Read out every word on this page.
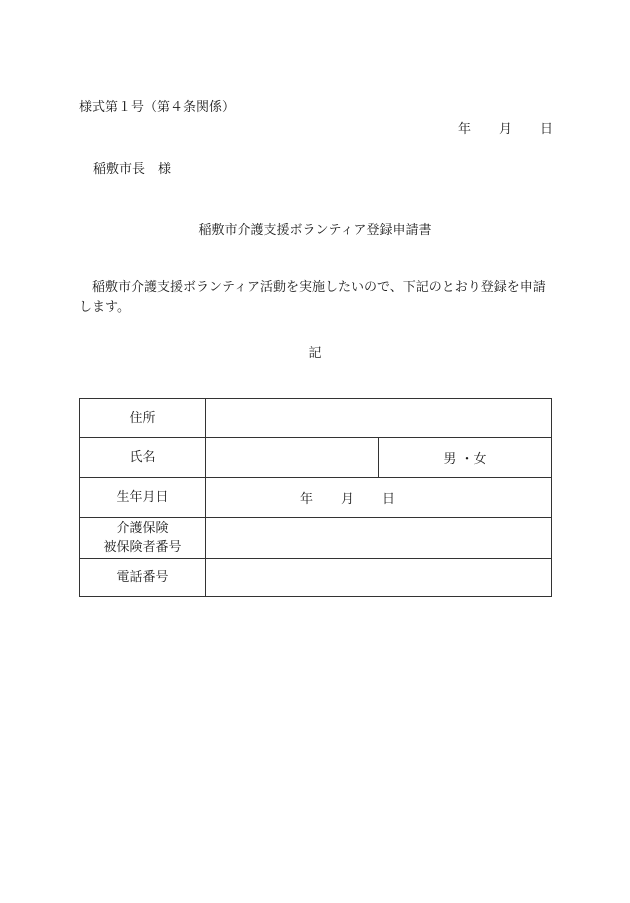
様式第１号（第４条関係）
年 月 日
稲敷市長　様
稲敷市介護支援ボランティア登録申請書
稲敷市介護支援ボランティア活動を実施したいので、下記のとおり登録を申請します。
記
住所		
氏名		男 ・女
生年月日	年 月 日	

介護保険
被保険者番号		

電話番号		
